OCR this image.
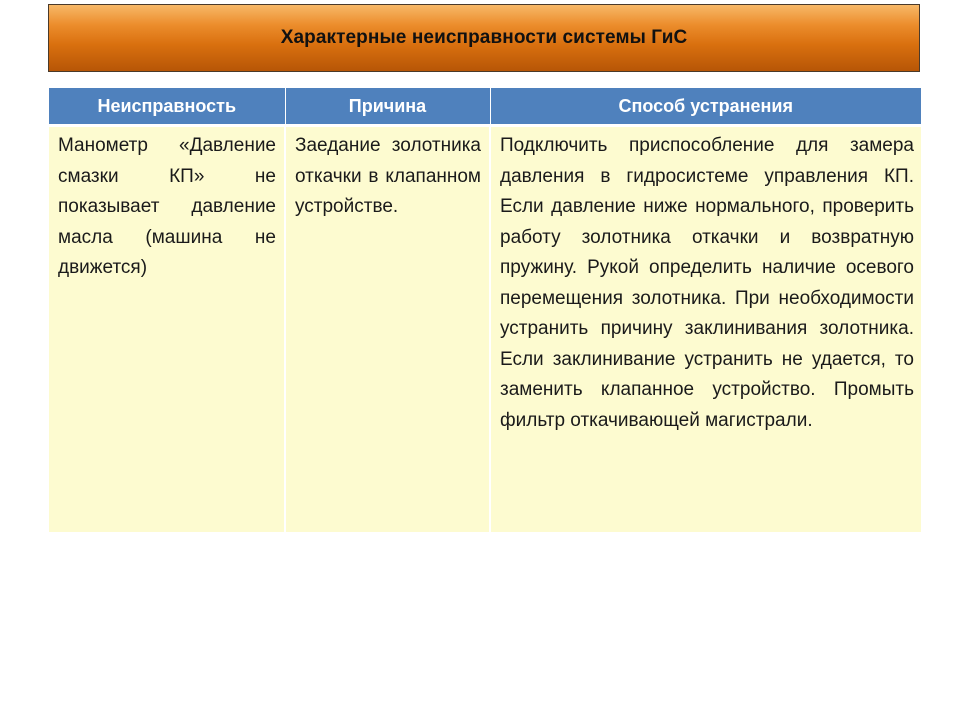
Характерные неисправности системы ГиС
Неисправность	Причина	Способ устранения
Манометр «Давление смазки КП» не показывает давление масла (машина не движется)	Заедание золотника откачки в клапанном устройстве.	Подключить приспособление для замера давления в гидросистеме управления КП. Если давление ниже нормального, проверить работу золотника откачки и возвратную пружину. Рукой определить наличие осевого перемещения золотника. При необходимости устранить причину заклинивания золотника. Если заклинивание устранить не удается, то заменить клапанное устройство. Промыть фильтр откачивающей магистрали.
